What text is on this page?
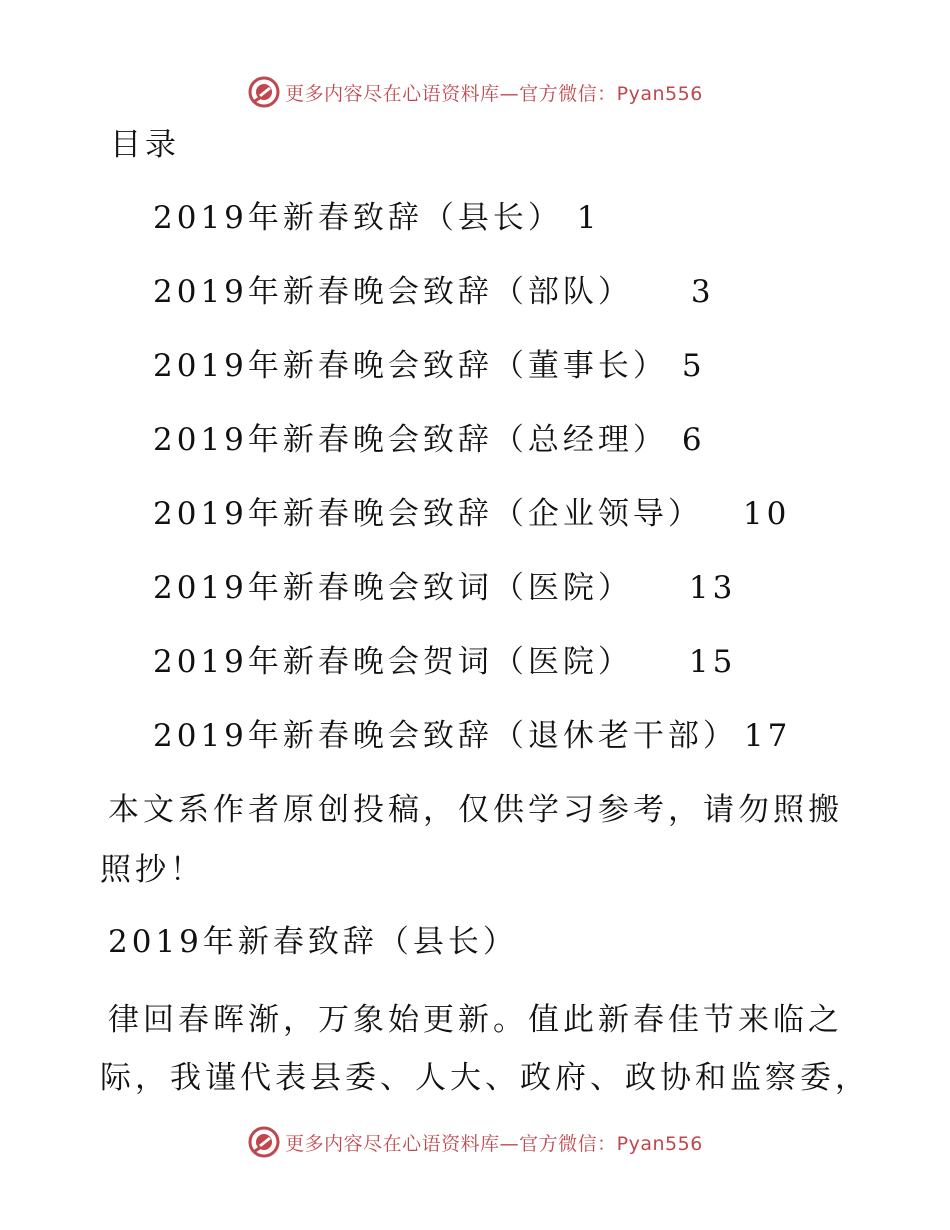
更多内容尽在心语资料库—官方微信：Pyan556
目录
2019年新春致辞（县长） 1
2019年新春晚会致辞（部队） 3
2019年新春晚会致辞（董事长） 5
2019年新春晚会致辞（总经理） 6
2019年新春晚会致辞（企业领导） 10
2019年新春晚会致词（医院） 13
2019年新春晚会贺词（医院） 15
2019年新春晚会致辞（退休老干部） 17
本文系作者原创投稿，仅供学习参考，请勿照搬
照抄！
2019年新春致辞（县长）
律回春晖渐，万象始更新。值此新春佳节来临之
际，我谨代表县委、人大、政府、政协和监察委，
更多内容尽在心语资料库—官方微信：Pyan556
